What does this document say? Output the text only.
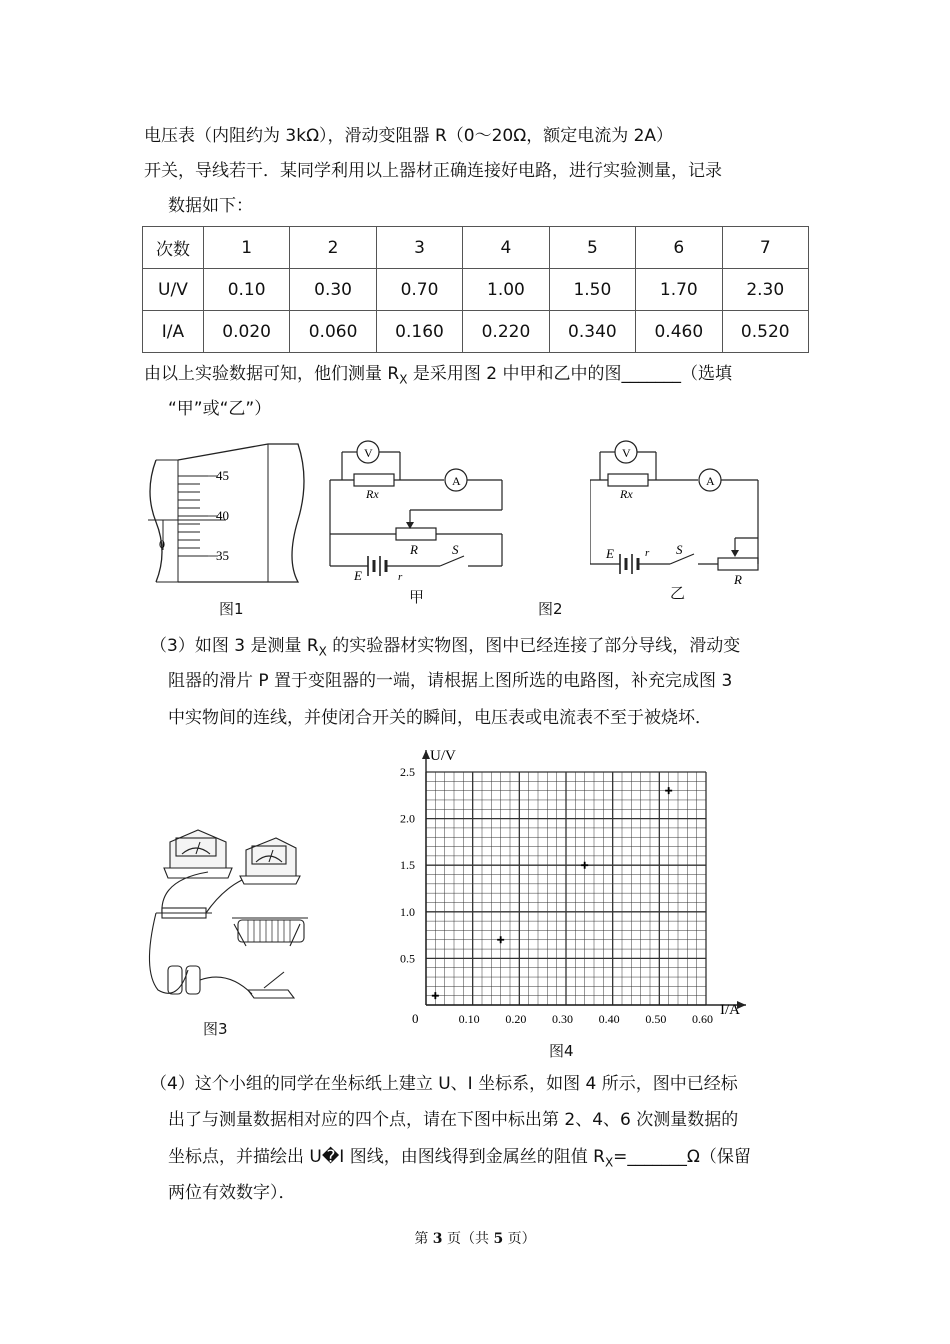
电压表（内阻约为 3kΩ），滑动变阻器 R（0～20Ω，额定电流为 2A）
开关，导线若干．某同学利用以上器材正确连接好电路，进行实验测量，记录
数据如下：
次数	1	2	3	4	5	6	7
U/V	0.10	0.30	0.70	1.00	1.50	1.70	2.30
I/A	0.020	0.060	0.160	0.220	0.340	0.460	0.520
由以上实验数据可知，他们测量 $R_X$ 是采用图 2 中甲和乙中的图_______（选填
“甲”或“乙”）
45
40
35
0
图1
V
A
Rx
R	S
E	r
甲
V
A
Rx
E	r S
R
图2
乙
（3）如图 3 是测量 $R_X$ 的实验器材实物图，图中已经连接了部分导线，滑动变
阻器的滑片 P 置于变阻器的一端，请根据上图所选的电路图，补充完成图 3
中实物间的连线，并使闭合开关的瞬间，电压表或电流表不至于被烧坏．
图3
0.10 0.20 0.30 0.40 0.50 0.60
0.5
1.0
1.5
2.0
2.5
U/V
I/A
0
图4
（4）这个小组的同学在坐标纸上建立 U、I 坐标系，如图 4 所示，图中已经标
出了与测量数据相对应的四个点，请在下图中标出第 2、4、6 次测量数据的
坐标点，并描绘出 U�I 图线，由图线得到金属丝的阻值 $R_X=\_\_\_\_\_\_\_\Omega$（保留
两位有效数字）．
第 3 页（共 5 页）
